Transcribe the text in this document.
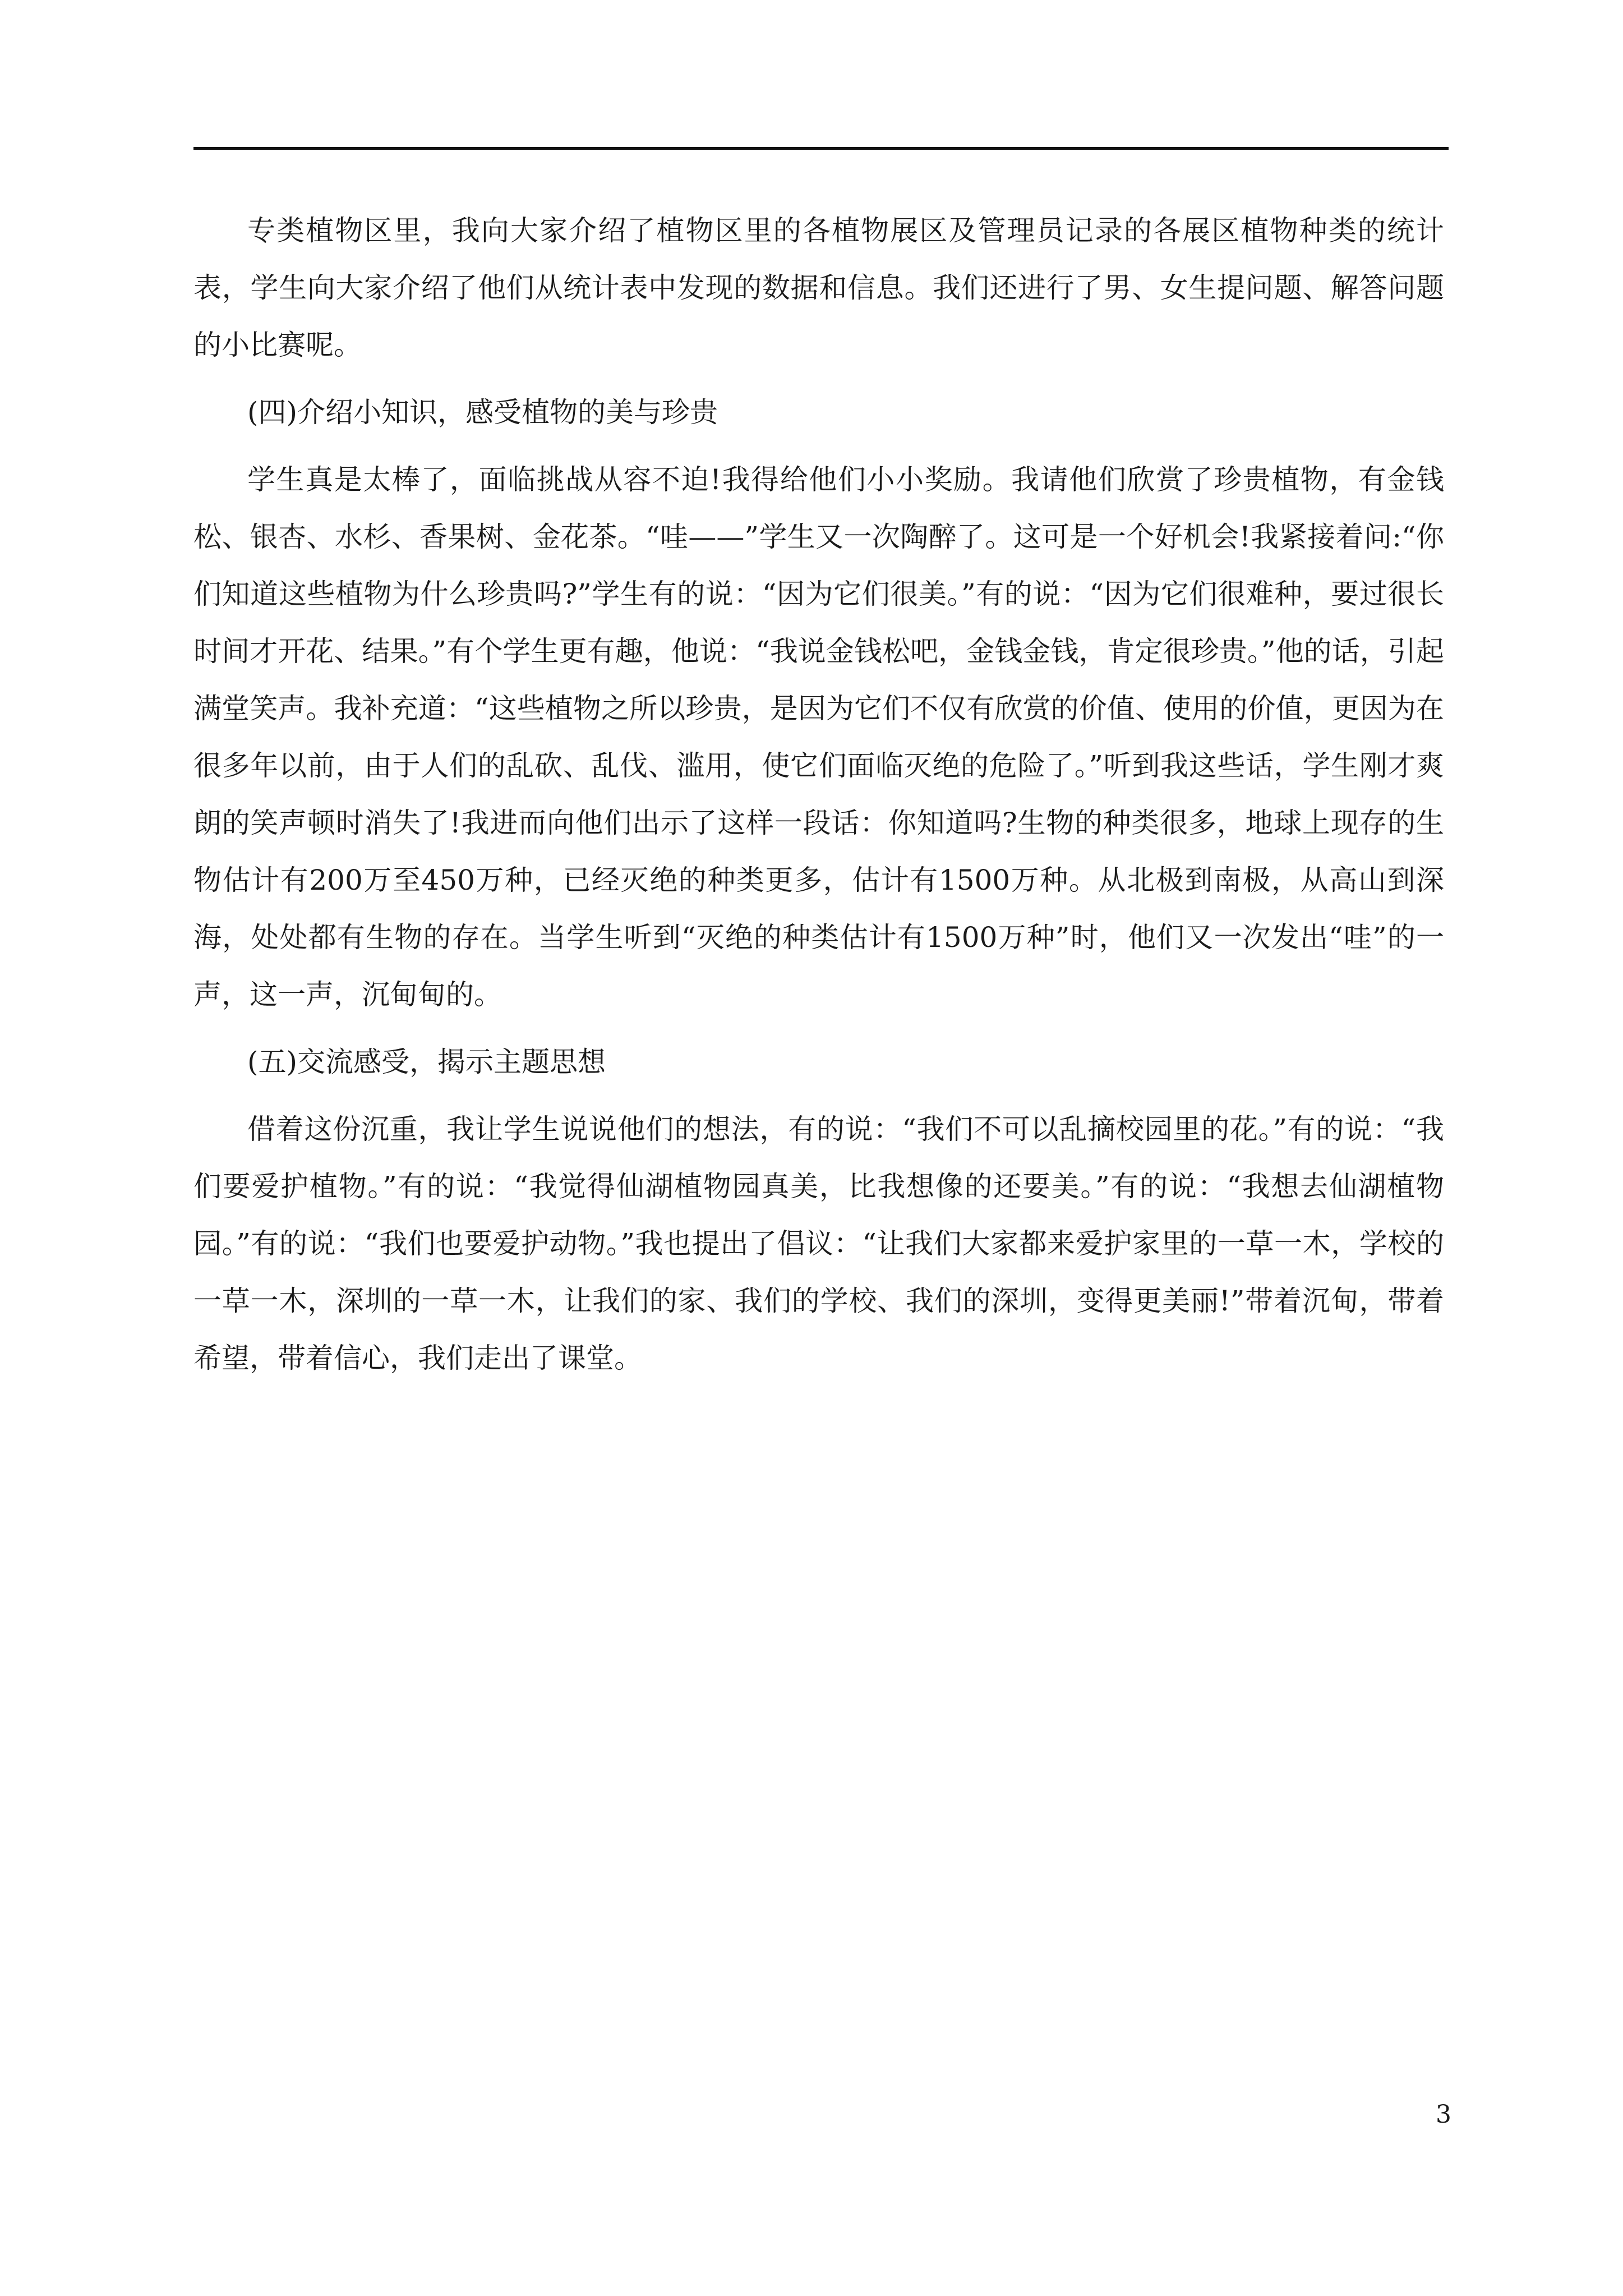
专类植物区里，我向大家介绍了植物区里的各植物展区及管理员记录的各展区植物种类的统计表，学生向大家介绍了他们从统计表中发现的数据和信息。我们还进行了男、女生提问题、解答问题的小比赛呢。

(四)介绍小知识，感受植物的美与珍贵

学生真是太棒了，面临挑战从容不迫!我得给他们小小奖励。我请他们欣赏了珍贵植物，有金钱松、银杏、水杉、香果树、金花茶。“哇——”学生又一次陶醉了。这可是一个好机会!我紧接着问:“你们知道这些植物为什么珍贵吗?”学生有的说：“因为它们很美。”有的说：“因为它们很难种，要过很长时间才开花、结果。”有个学生更有趣，他说：“我说金钱松吧，金钱金钱，肯定很珍贵。”他的话，引起满堂笑声。我补充道：“这些植物之所以珍贵，是因为它们不仅有欣赏的价值、使用的价值，更因为在很多年以前，由于人们的乱砍、乱伐、滥用，使它们面临灭绝的危险了。”听到我这些话，学生刚才爽朗的笑声顿时消失了!我进而向他们出示了这样一段话：你知道吗?生物的种类很多，地球上现存的生物估计有200万至450万种，已经灭绝的种类更多，估计有1500万种。从北极到南极，从高山到深海，处处都有生物的存在。当学生听到“灭绝的种类估计有1500万种”时，他们又一次发出“哇”的一声，这一声，沉甸甸的。

(五)交流感受，揭示主题思想

借着这份沉重，我让学生说说他们的想法，有的说：“我们不可以乱摘校园里的花。”有的说：“我们要爱护植物。”有的说：“我觉得仙湖植物园真美，比我想像的还要美。”有的说：“我想去仙湖植物园。”有的说：“我们也要爱护动物。”我也提出了倡议：“让我们大家都来爱护家里的一草一木，学校的一草一木，深圳的一草一木，让我们的家、我们的学校、我们的深圳，变得更美丽!”带着沉甸，带着希望，带着信心，我们走出了课堂。

3
